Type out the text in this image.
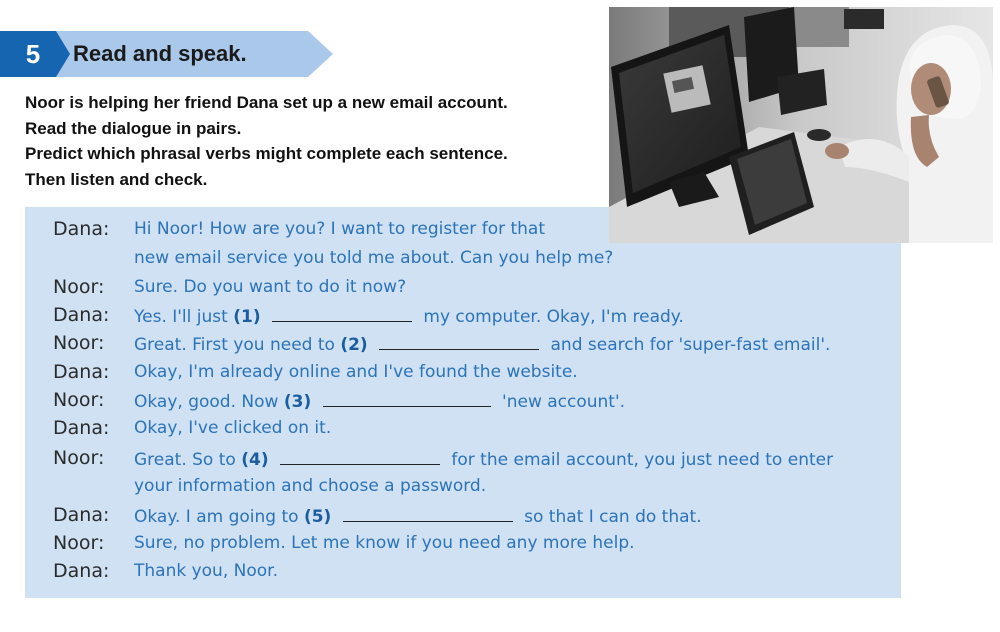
5	Read and speak.
Noor is helping her friend Dana set up a new email account.
Read the dialogue in pairs.
Predict which phrasal verbs might complete each sentence.
Then listen and check.
Dana: Hi Noor! How are you? I want to register for that
new email service you told me about. Can you help me?
Noor: Sure. Do you want to do it now?
Dana: Yes. I'll just (1)	my computer. Okay, I'm ready.
Noor: Great. First you need to (2)	and search for 'super-fast email'.
Dana: Okay, I'm already online and I've found the website.
Noor: Okay, good. Now (3)	'new account'.
Dana: Okay, I've clicked on it.
Noor: Great. So to (4)	for the email account, you just need to enter
your information and choose a password.
Dana: Okay. I am going to (5)	so that I can do that.
Noor: Sure, no problem. Let me know if you need any more help.
Dana: Thank you, Noor.
